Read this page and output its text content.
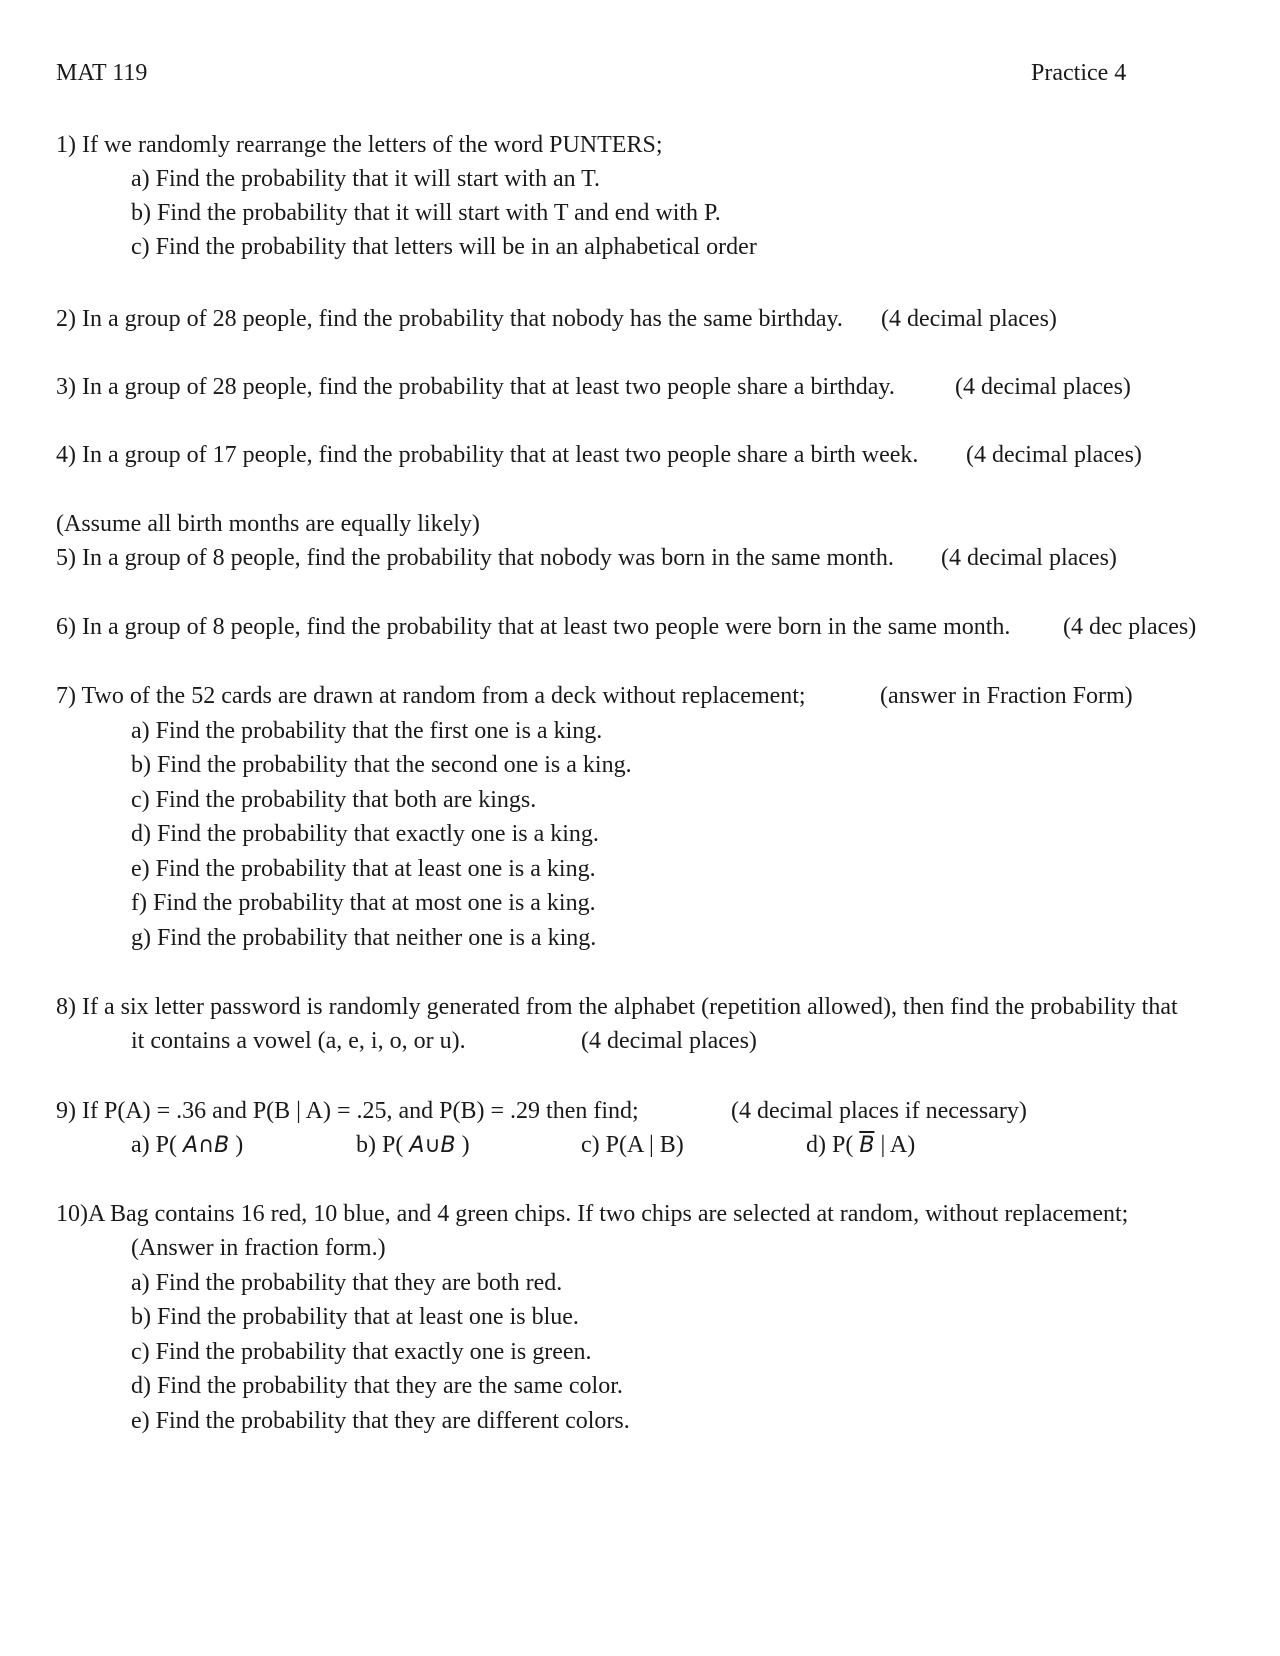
MAT 119	Practice 4
1) If we randomly rearrange the letters of the word PUNTERS;
a) Find the probability that it will start with an T.
b) Find the probability that it will start with T and end with P.
c) Find the probability that letters will be in an alphabetical order
2) In a group of 28 people, find the probability that nobody has the same birthday. (4 decimal places)
3) In a group of 28 people, find the probability that at least two people share a birthday.	(4 decimal places)
4) In a group of 17 people, find the probability that at least two people share a birth week. (4 decimal places)
(Assume all birth months are equally likely)
5) In a group of 8 people, find the probability that nobody was born in the same month. (4 decimal places)
6) In a group of 8 people, find the probability that at least two people were born in the same month. (4 dec places)
7) Two of the 52 cards are drawn at random from a deck without replacement;	(answer in Fraction Form)
a) Find the probability that the first one is a king.
b) Find the probability that the second one is a king.
c) Find the probability that both are kings.
d) Find the probability that exactly one is a king.
e) Find the probability that at least one is a king.
f) Find the probability that at most one is a king.
g) Find the probability that neither one is a king.
8) If a six letter password is randomly generated from the alphabet (repetition allowed), then find the probability that
it contains a vowel (a, e, i, o, or u).	(4 decimal places)
9) If P(A) = .36 and P(B | A) = .25, and P(B) = .29 then find;	(4 decimal places if necessary)
a) P( A∩B )	b) P( A∪B )	c) P(A | B)	d) P( $\overline{B}$ | A)
10)A Bag contains 16 red, 10 blue, and 4 green chips. If two chips are selected at random, without replacement;
(Answer in fraction form.)
a) Find the probability that they are both red.
b) Find the probability that at least one is blue.
c) Find the probability that exactly one is green.
d) Find the probability that they are the same color.
e) Find the probability that they are different colors.
